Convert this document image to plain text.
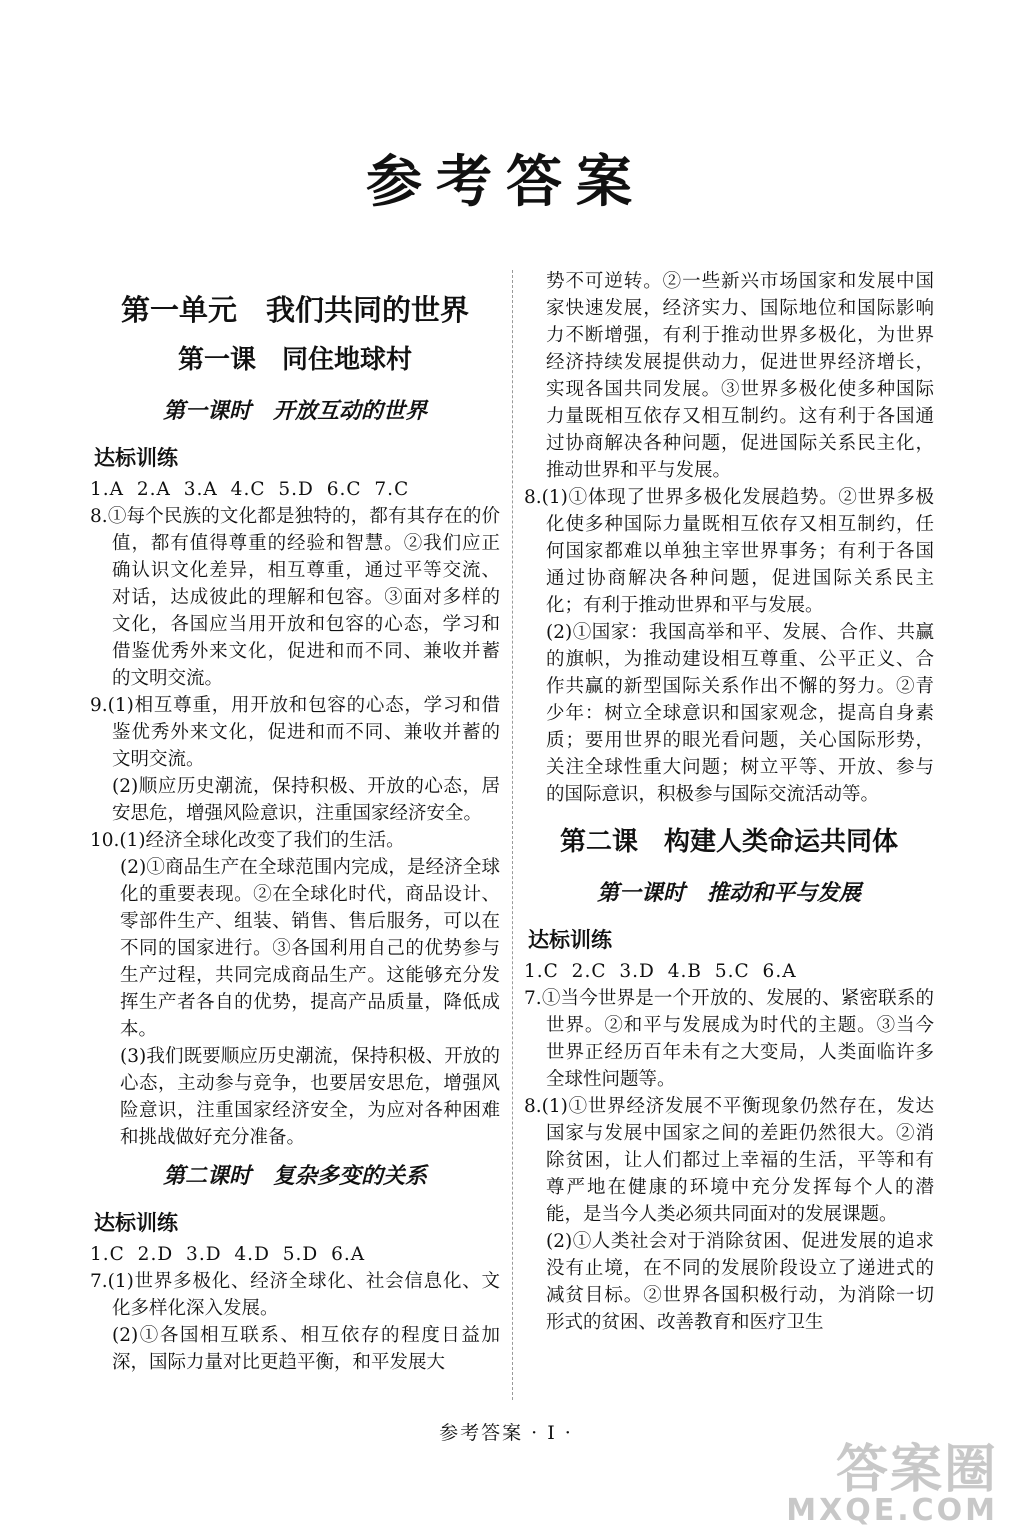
参考答案
第一单元　我们共同的世界
第一课　同住地球村
第一课时　开放互动的世界
达标训练

1.A 2.A 3.A 4.C 5.D 6.C 7.C

8.①每个民族的文化都是独特的，都有其存在的价值，都有值得尊重的经验和智慧。②我们应正确认识文化差异，相互尊重，通过平等交流、对话，达成彼此的理解和包容。③面对多样的文化，各国应当用开放和包容的心态，学习和借鉴优秀外来文化，促进和而不同、兼收并蓄的文明交流。

9.(1)相互尊重，用开放和包容的心态，学习和借鉴优秀外来文化，促进和而不同、兼收并蓄的文明交流。

(2)顺应历史潮流，保持积极、开放的心态，居安思危，增强风险意识，注重国家经济安全。

10.(1)经济全球化改变了我们的生活。

(2)①商品生产在全球范围内完成，是经济全球化的重要表现。②在全球化时代，商品设计、零部件生产、组装、销售、售后服务，可以在不同的国家进行。③各国利用自己的优势参与生产过程，共同完成商品生产。这能够充分发挥生产者各自的优势，提高产品质量，降低成本。

(3)我们既要顺应历史潮流，保持积极、开放的心态，主动参与竞争，也要居安思危，增强风险意识，注重国家经济安全，为应对各种困难和挑战做好充分准备。

第二课时　复杂多变的关系
达标训练

1.C 2.D 3.D 4.D 5.D 6.A

7.(1)世界多极化、经济全球化、社会信息化、文化多样化深入发展。

(2)①各国相互联系、相互依存的程度日益加深，国际力量对比更趋平衡，和平发展大

势不可逆转。②一些新兴市场国家和发展中国家快速发展，经济实力、国际地位和国际影响力不断增强，有利于推动世界多极化，为世界经济持续发展提供动力，促进世界经济增长，实现各国共同发展。③世界多极化使多种国际力量既相互依存又相互制约。这有利于各国通过协商解决各种问题，促进国际关系民主化，推动世界和平与发展。

8.(1)①体现了世界多极化发展趋势。②世界多极化使多种国际力量既相互依存又相互制约，任何国家都难以单独主宰世界事务；有利于各国通过协商解决各种问题，促进国际关系民主化；有利于推动世界和平与发展。

(2)①国家：我国高举和平、发展、合作、共赢的旗帜，为推动建设相互尊重、公平正义、合作共赢的新型国际关系作出不懈的努力。②青少年：树立全球意识和国家观念，提高自身素质；要用世界的眼光看问题，关心国际形势，关注全球性重大问题；树立平等、开放、参与的国际意识，积极参与国际交流活动等。

第二课　构建人类命运共同体
第一课时　推动和平与发展
达标训练

1.C 2.C 3.D 4.B 5.C 6.A

7.①当今世界是一个开放的、发展的、紧密联系的世界。②和平与发展成为时代的主题。③当今世界正经历百年未有之大变局，人类面临许多全球性问题等。

8.(1)①世界经济发展不平衡现象仍然存在，发达国家与发展中国家之间的差距仍然很大。②消除贫困，让人们都过上幸福的生活，平等和有尊严地在健康的环境中充分发挥每个人的潜能，是当今人类必须共同面对的发展课题。

(2)①人类社会对于消除贫困、促进发展的追求没有止境，在不同的发展阶段设立了递进式的减贫目标。②世界各国积极行动，为消除一切形式的贫困、改善教育和医疗卫生

参考答案 · I ·
答案圈
MXQE.COM
